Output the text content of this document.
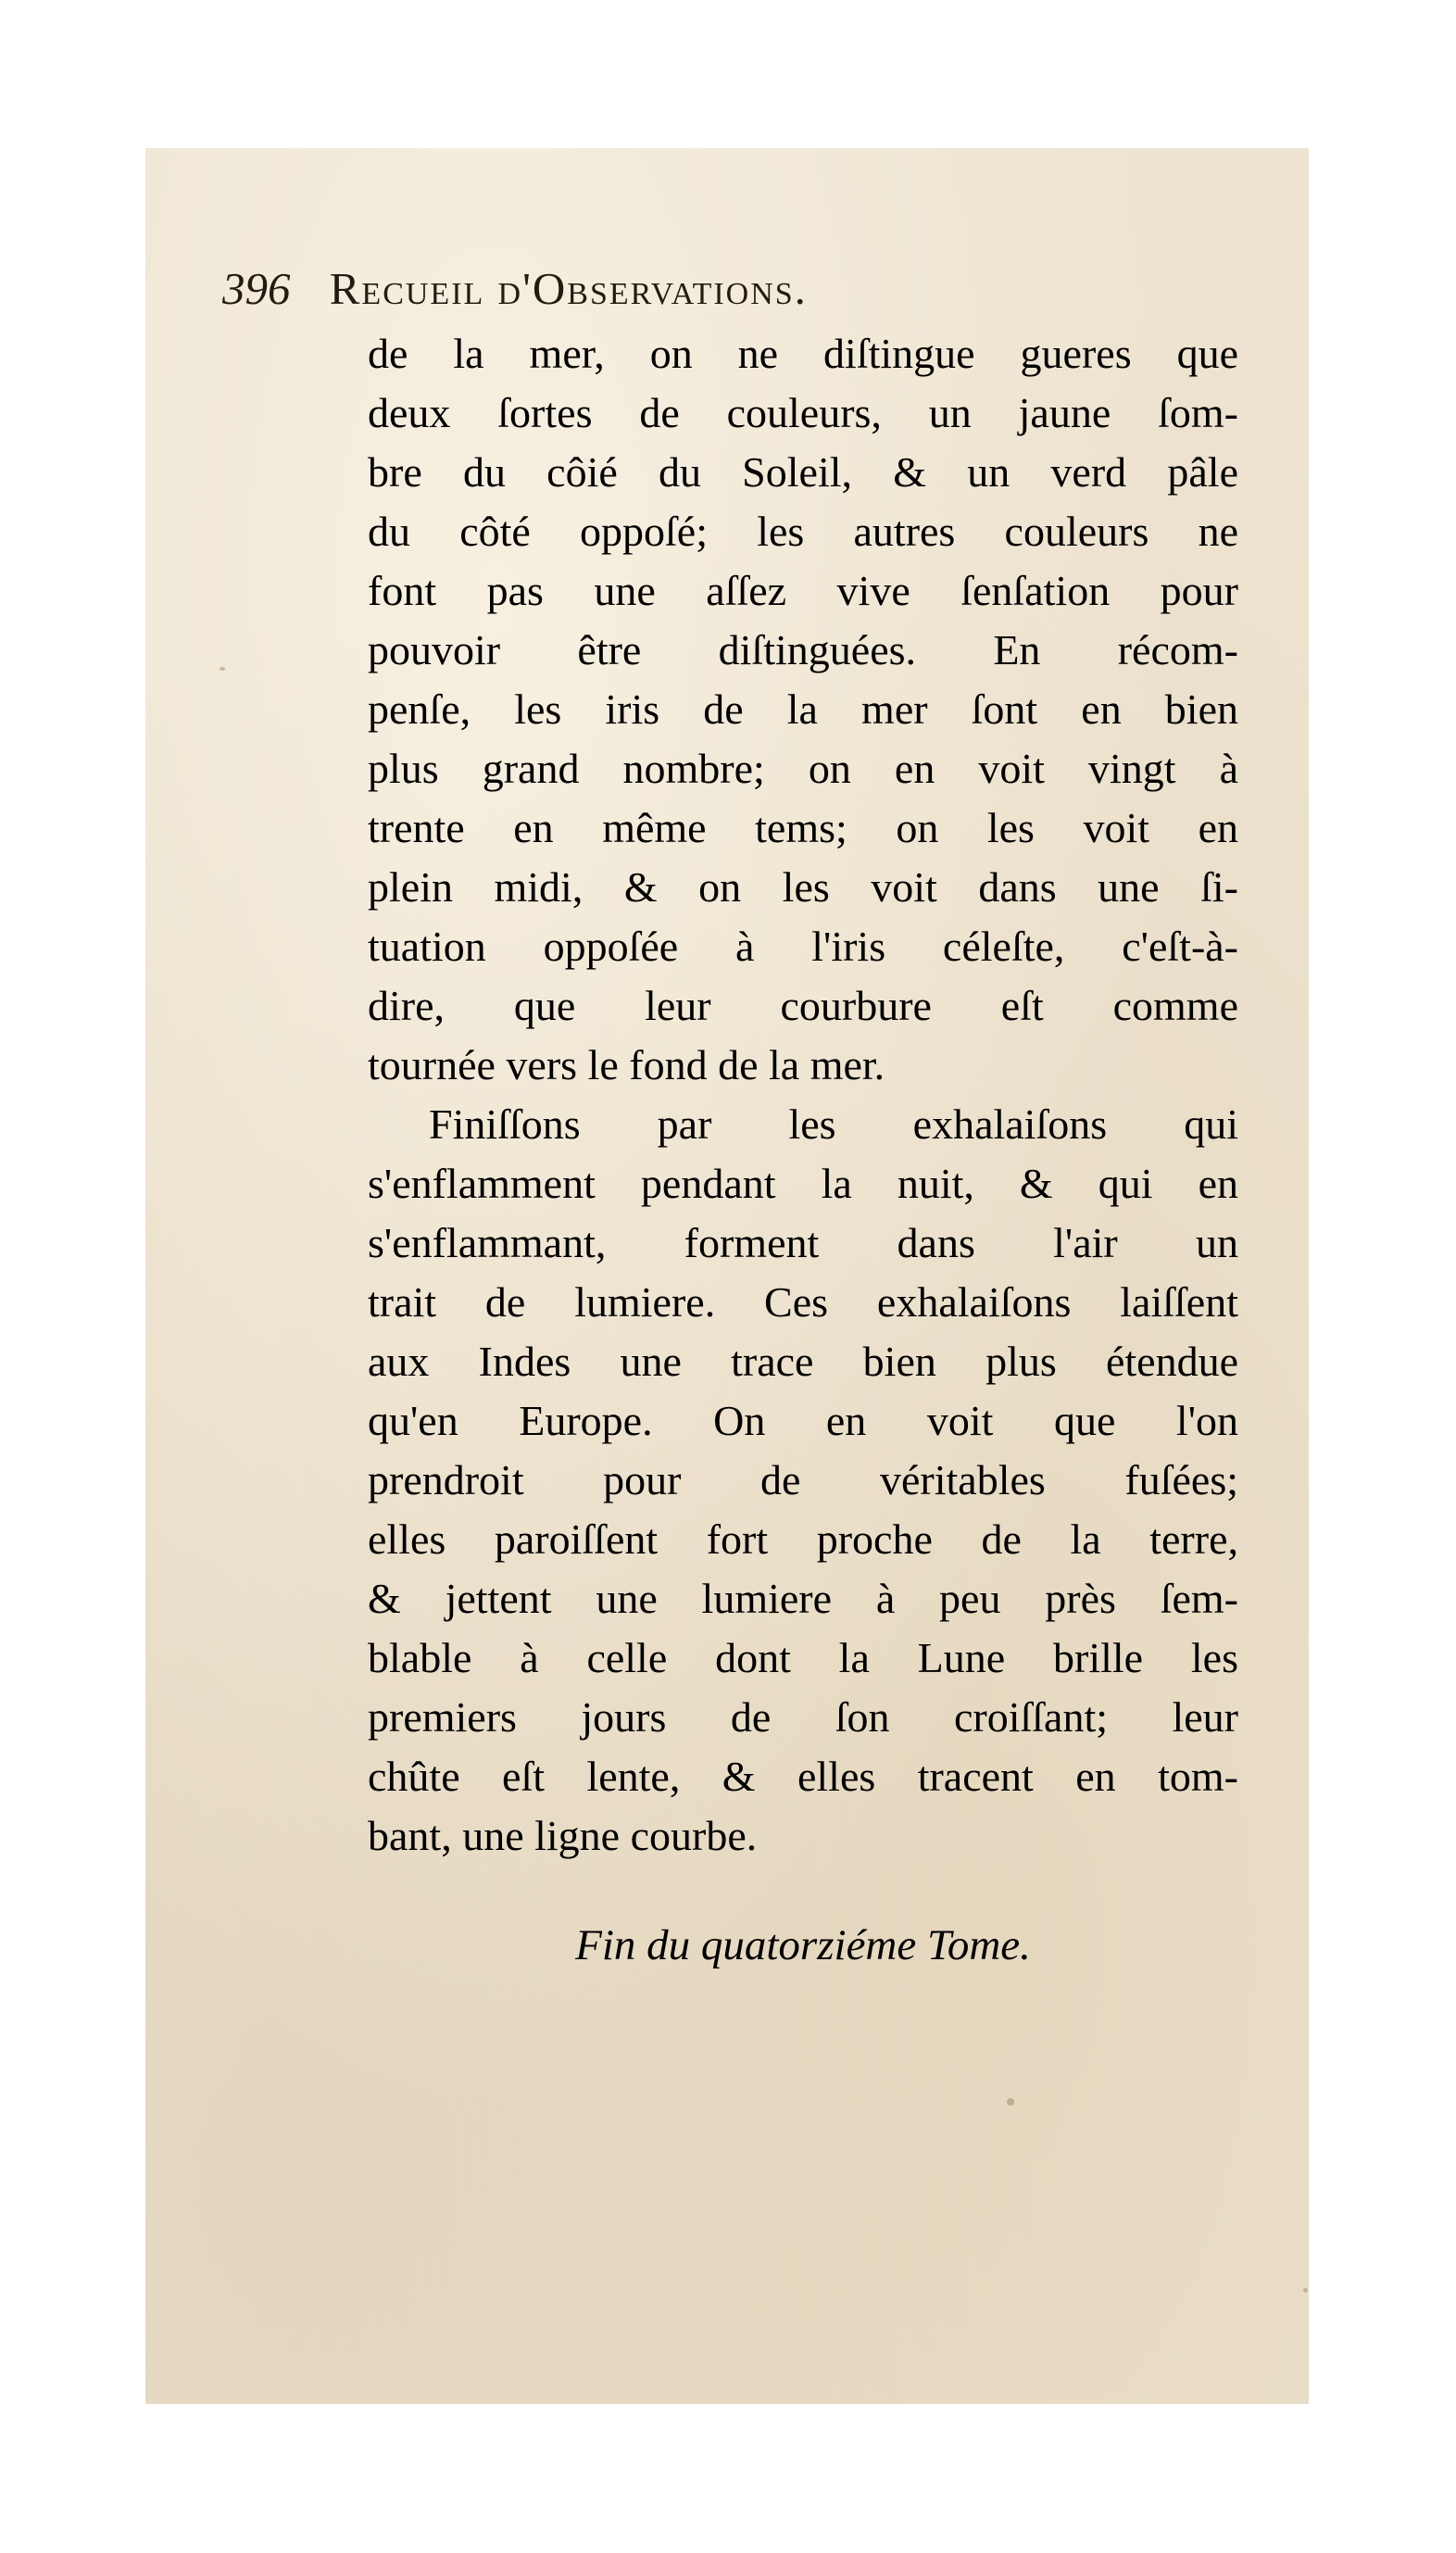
396 Recueil d'Observations.
de la mer, on ne diſtingue gueres que
deux ſortes de couleurs, un jaune ſom-
bre du côié du Soleil, & un verd pâle
du côté oppoſé; les autres couleurs ne
font pas une aſſez vive ſenſation pour
pouvoir être diſtinguées. En récom-
penſe, les iris de la mer ſont en bien
plus grand nombre; on en voit vingt à
trente en même tems; on les voit en
plein midi, & on les voit dans une ſi-
tuation oppoſée à l'iris céleſte, c'eſt-à-
dire, que leur courbure eſt comme
tournée vers le fond de la mer.
Finiſſons par les exhalaiſons qui
s'enflamment pendant la nuit, & qui en
s'enflammant, forment dans l'air un
trait de lumiere. Ces exhalaiſons laiſſent
aux Indes une trace bien plus étendue
qu'en Europe. On en voit que l'on
prendroit pour de véritables fuſées;
elles paroiſſent fort proche de la terre,
& jettent une lumiere à peu près ſem-
blable à celle dont la Lune brille les
premiers jours de ſon croiſſant; leur
chûte eſt lente, & elles tracent en tom-
bant, une ligne courbe.
Fin du quatorziéme Tome.
